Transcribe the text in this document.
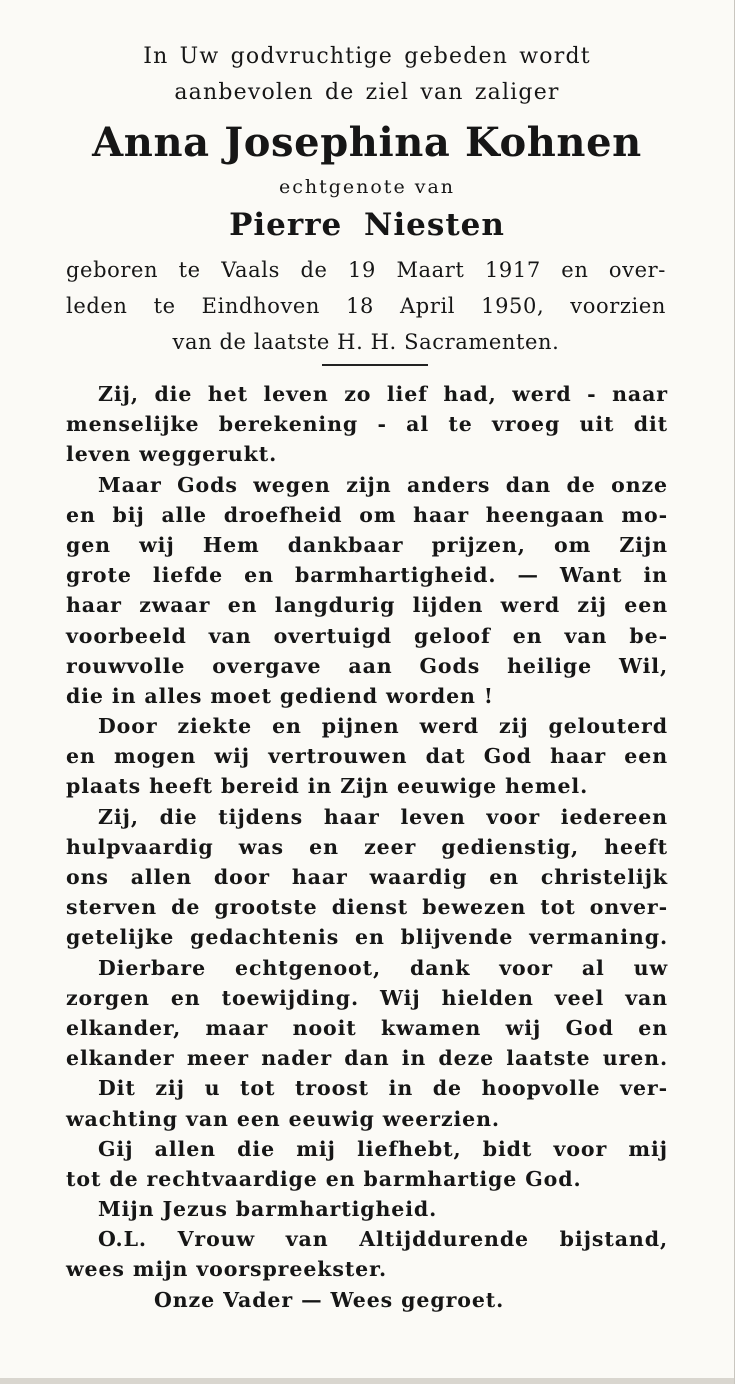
In Uw godvruchtige gebeden wordt
aanbevolen de ziel van zaliger
Anna Josephina Kohnen
echtgenote van
Pierre Niesten
geboren te Vaals de 19 Maart 1917 en over-
leden te Eindhoven 18 April 1950, voorzien
van de laatste H. H. Sacramenten.
Zij, die het leven zo lief had, werd - naar
menselijke berekening - al te vroeg uit dit
leven weggerukt.
Maar Gods wegen zijn anders dan de onze
en bij alle droefheid om haar heengaan mo-
gen wij Hem dankbaar prijzen, om Zijn
grote liefde en barmhartigheid. — Want in
haar zwaar en langdurig lijden werd zij een
voorbeeld van overtuigd geloof en van be-
rouwvolle overgave aan Gods heilige Wil,
die in alles moet gediend worden !
Door ziekte en pijnen werd zij gelouterd
en mogen wij vertrouwen dat God haar een
plaats heeft bereid in Zijn eeuwige hemel.
Zij, die tijdens haar leven voor iedereen
hulpvaardig was en zeer gedienstig, heeft
ons allen door haar waardig en christelijk
sterven de grootste dienst bewezen tot onver-
getelijke gedachtenis en blijvende vermaning.
Dierbare echtgenoot, dank voor al uw
zorgen en toewijding. Wij hielden veel van
elkander, maar nooit kwamen wij God en
elkander meer nader dan in deze laatste uren.
Dit zij u tot troost in de hoopvolle ver-
wachting van een eeuwig weerzien.
Gij allen die mij liefhebt, bidt voor mij
tot de rechtvaardige en barmhartige God.
Mijn Jezus barmhartigheid.
O.L. Vrouw van Altijddurende bijstand,
wees mijn voorspreekster.
Onze Vader — Wees gegroet.
